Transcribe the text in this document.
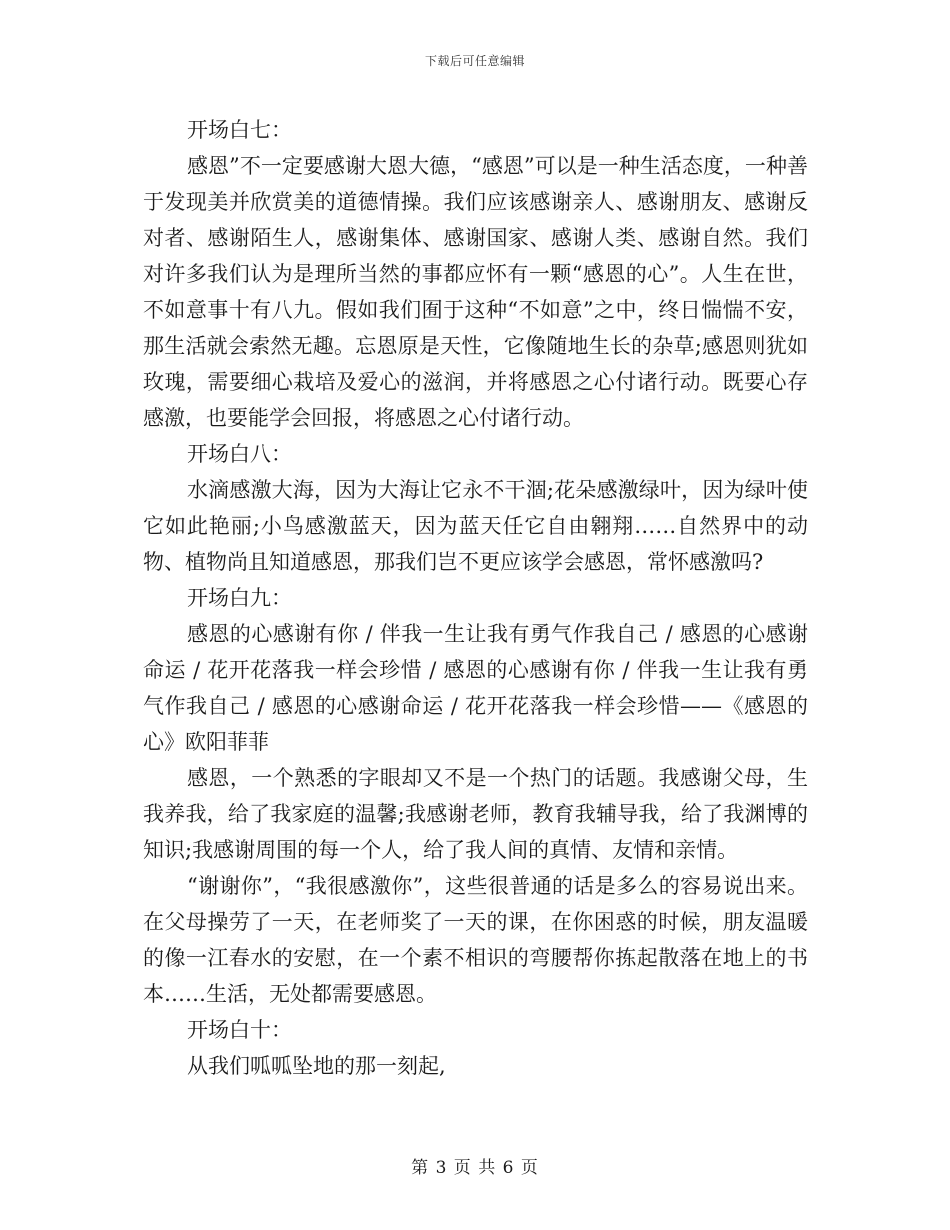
下载后可任意编辑

开场白七：

感恩”不一定要感谢大恩大德，“感恩”可以是一种生活态度，一种善于发现美并欣赏美的道德情操。我们应该感谢亲人、感谢朋友、感谢反对者、感谢陌生人，感谢集体、感谢国家、感谢人类、感谢自然。我们对许多我们认为是理所当然的事都应怀有一颗“感恩的心”。人生在世，不如意事十有八九。假如我们囿于这种“不如意”之中，终日惴惴不安，那生活就会索然无趣。忘恩原是天性，它像随地生长的杂草;感恩则犹如玫瑰，需要细心栽培及爱心的滋润，并将感恩之心付诸行动。既要心存感激，也要能学会回报，将感恩之心付诸行动。

开场白八：

水滴感激大海，因为大海让它永不干涸;花朵感激绿叶，因为绿叶使它如此艳丽;小鸟感激蓝天，因为蓝天任它自由翱翔……自然界中的动物、植物尚且知道感恩，那我们岂不更应该学会感恩，常怀感激吗?

开场白九：

感恩的心感谢有你 / 伴我一生让我有勇气作我自己 / 感恩的心感谢命运 / 花开花落我一样会珍惜 / 感恩的心感谢有你 / 伴我一生让我有勇气作我自己 / 感恩的心感谢命运 / 花开花落我一样会珍惜——《感恩的心》欧阳菲菲

感恩，一个熟悉的字眼却又不是一个热门的话题。我感谢父母，生我养我，给了我家庭的温馨;我感谢老师，教育我辅导我，给了我渊博的知识;我感谢周围的每一个人，给了我人间的真情、友情和亲情。

“谢谢你”，“我很感激你”，这些很普通的话是多么的容易说出来。在父母操劳了一天，在老师奖了一天的课，在你困惑的时候，朋友温暖的像一江春水的安慰，在一个素不相识的弯腰帮你拣起散落在地上的书本……生活，无处都需要感恩。

开场白十：

从我们呱呱坠地的那一刻起,

第 3 页 共 6 页
